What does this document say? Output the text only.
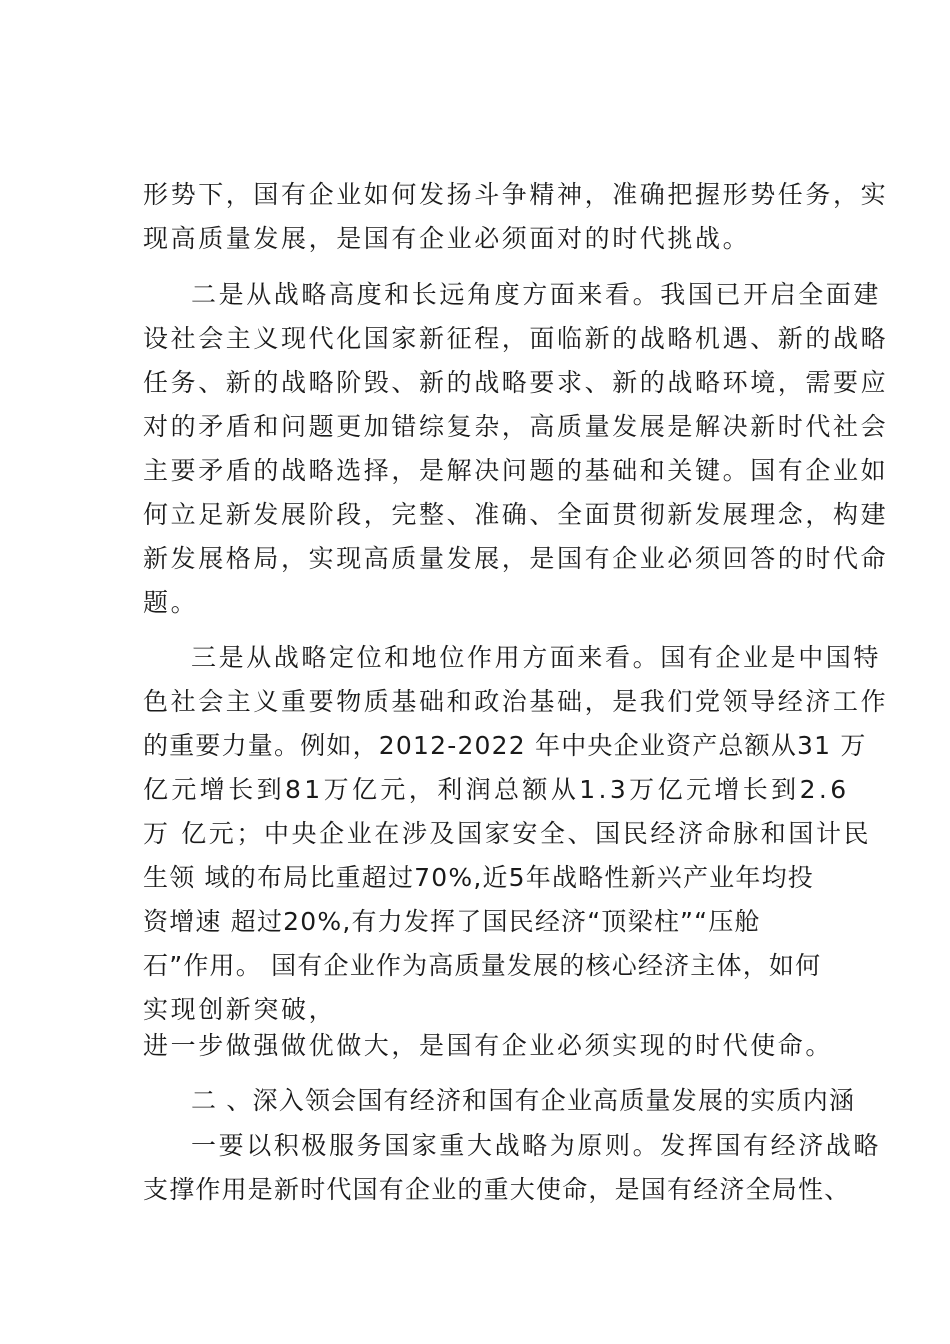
形势下，国有企业如何发扬斗争精神，准确把握形势任务，实
现高质量发展，是国有企业必须面对的时代挑战。
二是从战略高度和长远角度方面来看。我国已开启全面建
设社会主义现代化国家新征程，面临新的战略机遇、新的战略
任务、新的战略阶毁、新的战略要求、新的战略环境，需要应
对的矛盾和问题更加错综复杂，高质量发展是解决新时代社会
主要矛盾的战略选择，是解决问题的基础和关键。国有企业如
何立足新发展阶段，完整、准确、全面贯彻新发展理念，构建
新发展格局，实现高质量发展，是国有企业必须回答的时代命
题。
三是从战略定位和地位作用方面来看。国有企业是中国特
色社会主义重要物质基础和政治基础，是我们党领导经济工作
的重要力量。例如，2012-2022 年中央企业资产总额从31 万
亿元增长到81万亿元，利润总额从1.3万亿元增长到2.6
万 亿元；中央企业在涉及国家安全、国民经济命脉和国计民
生领 域的布局比重超过70%,近5年战略性新兴产业年均投
资增速 超过20%,有力发挥了国民经济“顶梁柱”“压舱
石”作用。 国有企业作为高质量发展的核心经济主体，如何
实现创新突破，
进一步做强做优做大，是国有企业必须实现的时代使命。
二 、深入领会国有经济和国有企业高质量发展的实质内涵
一要以积极服务国家重大战略为原则。发挥国有经济战略
支撑作用是新时代国有企业的重大使命，是国有经济全局性、
